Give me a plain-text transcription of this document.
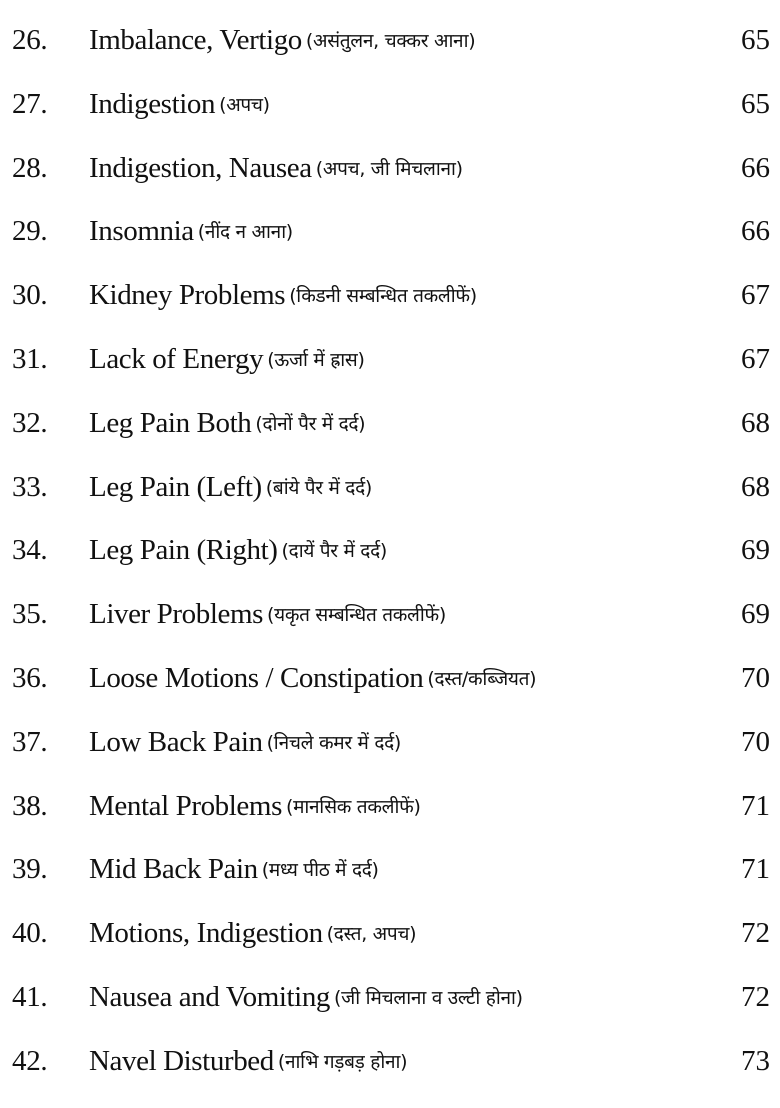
26. Imbalance, Vertigo (असंतुलन, चक्कर आना)	65
27. Indigestion (अपच)	65
28. Indigestion, Nausea (अपच, जी मिचलाना)	66
29. Insomnia (नींद न आना)	66
30. Kidney Problems (किडनी सम्बन्धित तकलीफें)	67
31. Lack of Energy (ऊर्जा में ह्रास)	67
32. Leg Pain Both (दोनों पैर में दर्द)	68
33. Leg Pain (Left) (बांये पैर में दर्द)	68
34. Leg Pain (Right) (दायें पैर में दर्द)	69
35. Liver Problems (यकृत सम्बन्धित तकलीफें)	69
36. Loose Motions / Constipation (दस्त/कब्जियत)	70
37. Low Back Pain (निचले कमर में दर्द)	70
38. Mental Problems (मानसिक तकलीफें)	71
39. Mid Back Pain (मध्य पीठ में दर्द)	71
40. Motions, Indigestion (दस्त, अपच)	72
41. Nausea and Vomiting (जी मिचलाना व उल्टी होना)	72
42. Navel Disturbed (नाभि गड़बड़ होना)	73
